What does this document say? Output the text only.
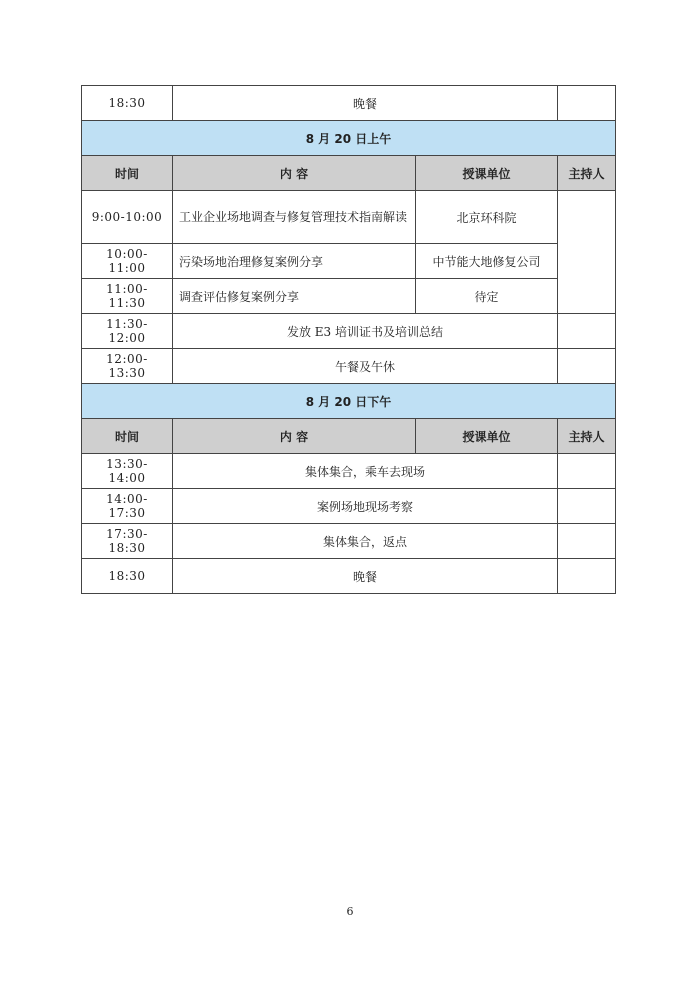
18:30	晚餐		
8 月 20 日上午			
时间	内 容	授课单位	主持人
9:00-10:00	工业企业场地调查与修复管理技术指南解读	北京环科院	
10:00-11:00	污染场地治理修复案例分享	中节能大地修复公司	
11:00-11:30	调查评估修复案例分享	待定	
11:30-12:00	发放 E3 培训证书及培训总结		
12:00-13:30	午餐及午休		
8 月 20 日下午			
时间	内 容	授课单位	主持人
13:30-14:00	集体集合，乘车去现场		
14:00-17:30	案例场地现场考察		
17:30-18:30	集体集合，返点		
18:30	晚餐		
6
